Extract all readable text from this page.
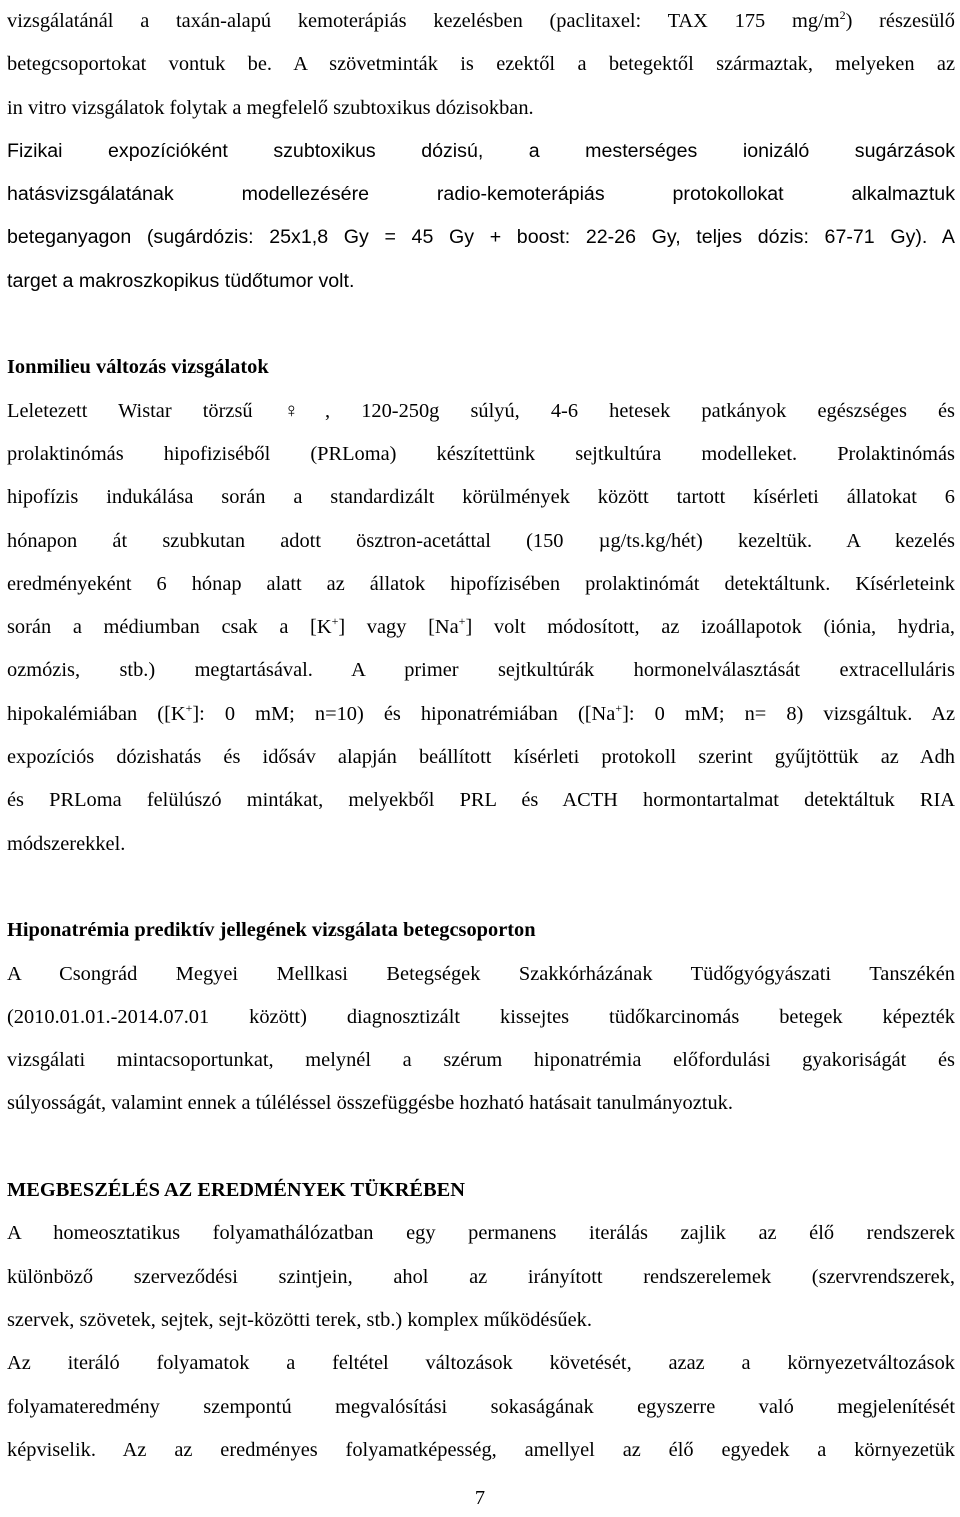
vizsgálatánál a taxán-alapú kemoterápiás kezelésben (paclitaxel: TAX 175 $mg/m^2$) részesülő
betegcsoportokat vontuk be. A szövetminták is ezektől a betegektől származtak, melyeken az
in vitro vizsgálatok folytak a megfelelő szubtoxikus dózisokban.
Fizikai expozícióként szubtoxikus dózisú, a mesterséges ionizáló sugárzások
hatásvizsgálatának modellezésére radio-kemoterápiás protokollokat alkalmaztuk
beteganyagon (sugárdózis: 25x1,8 Gy = 45 Gy + boost: 22-26 Gy, teljes dózis: 67-71 Gy). A
target a makroszkopikus tüdőtumor volt.
Ionmilieu változás vizsgálatok
Leletezett Wistar törzsű ♀, 120-250g súlyú, 4-6 hetesek patkányok egészséges és
prolaktinómás hipofiziséből (PRLoma) készítettünk sejtkultúra modelleket. Prolaktinómás
hipofízis indukálása során a standardizált körülmények között tartott kísérleti állatokat 6
hónapon át szubkutan adott ösztron-acetáttal (150 µg/ts.kg/hét) kezeltük. A kezelés
eredményeként 6 hónap alatt az állatok hipofízisében prolaktinómát detektáltunk. Kísérleteink
során a médiumban csak a [K+] vagy [Na+] volt módosított, az izoállapotok (iónia, hydria,
ozmózis, stb.) megtartásával. A primer sejtkultúrák hormonelválasztását extracelluláris
hipokalémiában ([K+]: 0 mM; n=10) és hiponatrémiában ([Na+]: 0 mM; n= 8) vizsgáltuk. Az
expozíciós dózishatás és idősáv alapján beállított kísérleti protokoll szerint gyűjtöttük az Adh
és PRLoma felülúszó mintákat, melyekből PRL és ACTH hormontartalmat detektáltuk RIA
módszerekkel.
Hiponatrémia prediktív jellegének vizsgálata betegcsoporton
A Csongrád Megyei Mellkasi Betegségek Szakkórházának Tüdőgyógyászati Tanszékén
(2010.01.01.-2014.07.01 között) diagnosztizált kissejtes tüdőkarcinomás betegek képezték
vizsgálati mintacsoportunkat, melynél a szérum hiponatrémia előfordulási gyakoriságát és
súlyosságát, valamint ennek a túléléssel összefüggésbe hozható hatásait tanulmányoztuk.
MEGBESZÉLÉS AZ EREDMÉNYEK TÜKRÉBEN
A homeosztatikus folyamathálózatban egy permanens iterálás zajlik az élő rendszerek
különböző szerveződési szintjein, ahol az irányított rendszerelemek (szervrendszerek,
szervek, szövetek, sejtek, sejt-közötti terek, stb.) komplex működésűek.
Az iteráló folyamatok a feltétel változások követését, azaz a környezetváltozások
folyamateredmény szempontú megvalósítási sokaságának egyszerre való megjelenítését
képviselik. Az az eredményes folyamatképesség, amellyel az élő egyedek a környezetük
7
